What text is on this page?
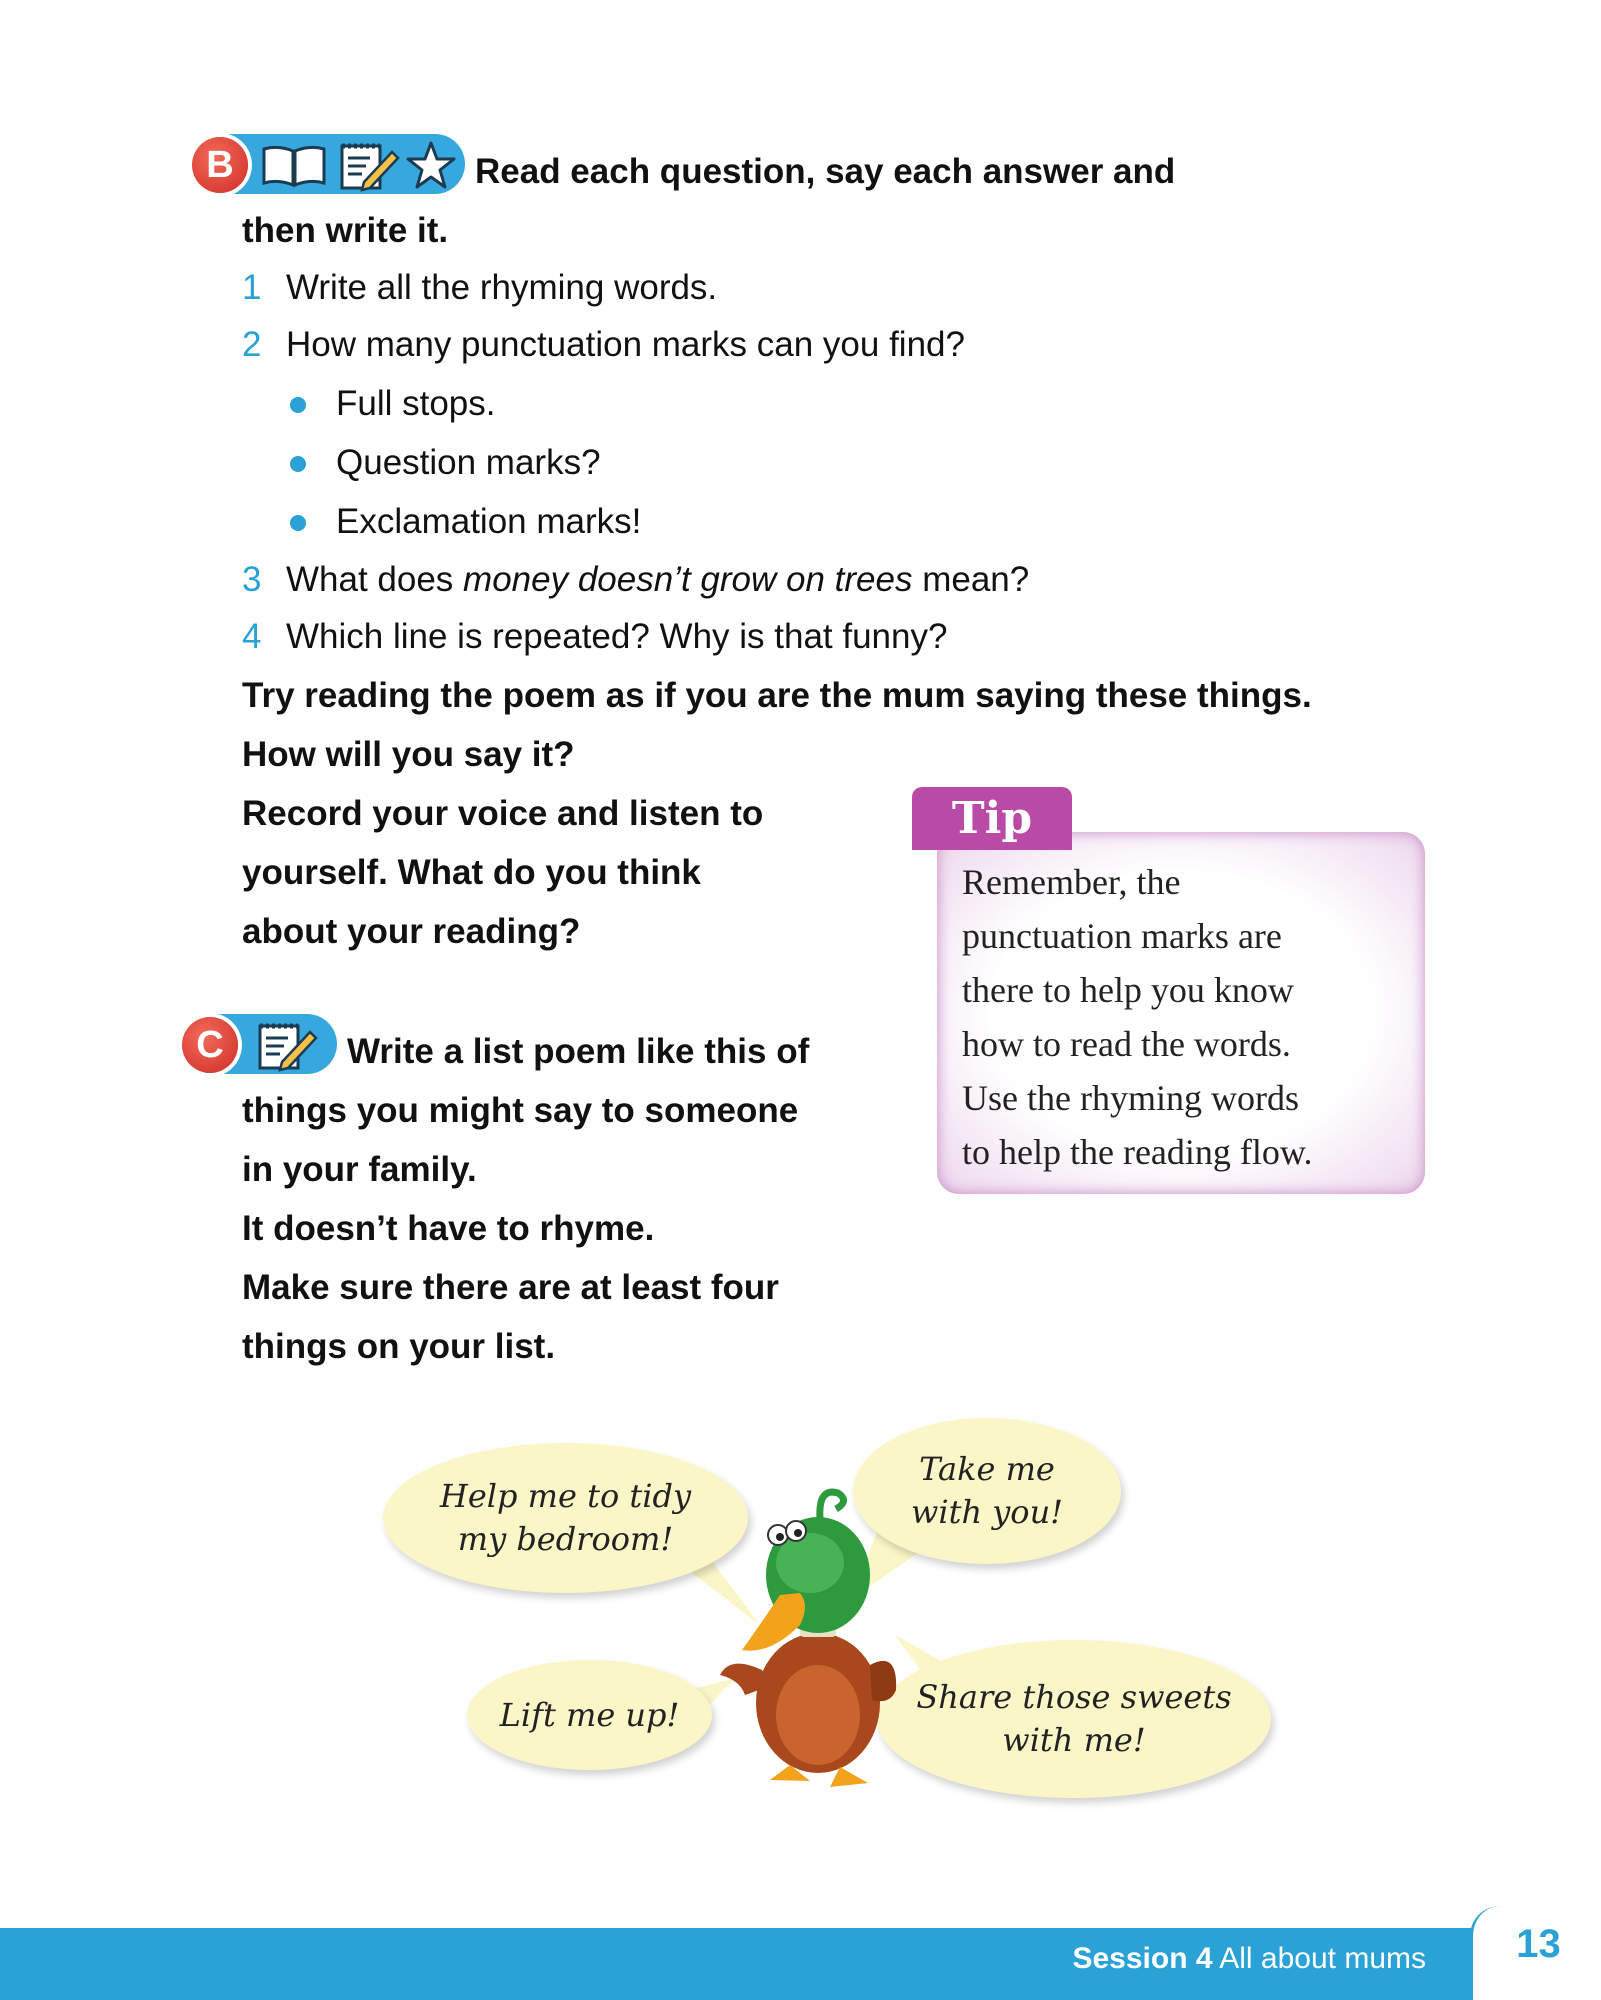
B	Read each question, say each answer and
then write it.
1 Write all the rhyming words.
2 How many punctuation marks can you find?
Full stops.
Question marks?
Exclamation marks!
3 What does money doesn’t grow on trees mean?
4 Which line is repeated? Why is that funny?
Try reading the poem as if you are the mum saying these things.
How will you say it?
Record your voice and listen to
yourself. What do you think
about your reading?
Tip
Remember, the
punctuation marks are
there to help you know
how to read the words.
Use the rhyming words
to help the reading flow.
C	Write a list poem like this of
things you might say to someone
in your family.
It doesn’t have to rhyme.
Make sure there are at least four
things on your list.
Help me to tidy
my bedroom!
Take me
with you!
Lift me up!	Share those sweets
with me!
Session 4 All about mums	13
